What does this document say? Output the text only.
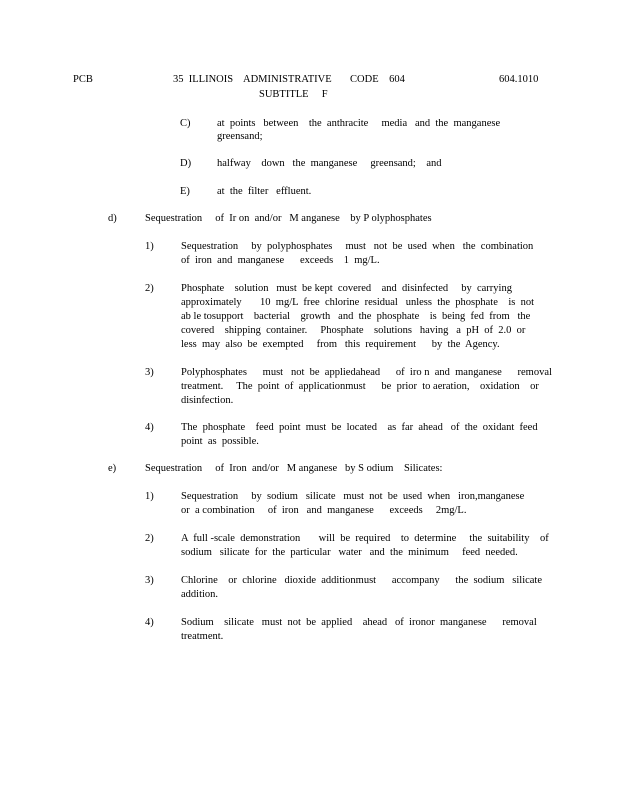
PCB	35  ILLINOIS    ADMINISTRATIVE       CODE    604
SUBTITLE     F
604.1010
C)	at  points   between    the  anthracite     media   and  the  manganese
greensand;
D) halfway    down   the  manganese     greensand;    and
E)	at  the  filter   effluent.
d)	Sequestration     of  Ir on  and/or   M anganese    by P olyphosphates
1)	Sequestration     by  polyphosphates     must   not  be  used  when   the  combination
of  iron  and  manganese      exceeds    1  mg/L.
2)	Phosphate    solution   must  be kept  covered    and  disinfected     by  carrying
approximately       10  mg/L  free  chlorine  residual   unless  the  phosphate    is  not
ab le tosupport    bacterial    growth   and  the  phosphate    is  being  fed  from   the
covered    shipping  container.     Phosphate    solutions   having   a  pH  of  2.0  or
less  may  also  be  exempted     from   this  requirement      by  the  Agency.
3)	Polyphosphates      must   not  be  appliedahead      of  iro n  and  manganese      removal
treatment.     The  point  of  applicationmust      be  prior  to aeration,    oxidation    or
disinfection.
4)	The  phosphate    feed  point  must  be  located    as  far  ahead   of  the  oxidant  feed
point  as  possible.
e)	Sequestration     of  Iron  and/or   M anganese   by S odium    Silicates:
1)	Sequestration     by  sodium   silicate   must  not  be  used  when   iron,manganese
or  a combination     of  iron   and  manganese      exceeds     2mg/L.
2)	A  full -scale  demonstration       will  be  required    to  determine     the  suitability    of
sodium   silicate  for  the  particular   water   and  the  minimum     feed  needed.
3)	Chlorine    or  chlorine   dioxide  additionmust      accompany      the  sodium   silicate
addition.
4)	Sodium    silicate   must  not  be  applied    ahead   of  ironor  manganese      removal
treatment.
